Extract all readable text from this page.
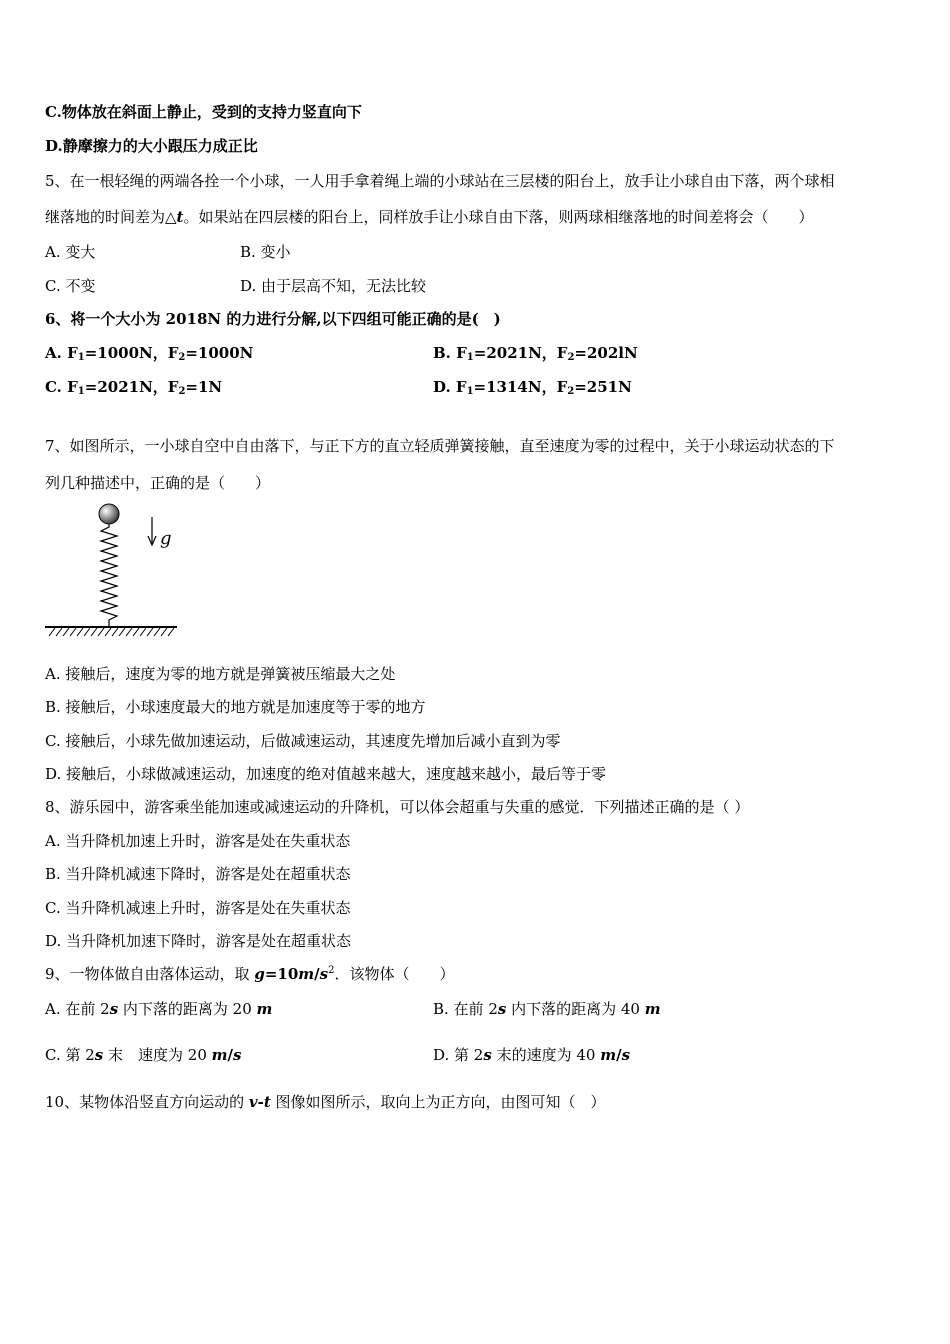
C.物体放在斜面上静止，受到的支持力竖直向下
D.静摩擦力的大小跟压力成正比
5、在一根轻绳的两端各拴一个小球，一人用手拿着绳上端的小球站在三层楼的阳台上，放手让小球自由下落，两个球相
继落地的时间差为△t。如果站在四层楼的阳台上，同样放手让小球自由下落，则两球相继落地的时间差将会（　　）
A. 变大	B. 变小
C. 不变	D. 由于层高不知，无法比较
6、将一个大小为 2018N 的力进行分解,以下四组可能正确的是(　)
A. $F_1=1000N$，$F_2=1000N$	B. $F_1=2021N$，$F_2=202lN$
C. $F_1=2021N$，$F_2=1N$	D. $F_1=1314N$，$F_2=251N$
7、如图所示，一小球自空中自由落下，与正下方的直立轻质弹簧接触，直至速度为零的过程中，关于小球运动状态的下
列几种描述中，正确的是（　　）
g
A. 接触后，速度为零的地方就是弹簧被压缩最大之处
B. 接触后，小球速度最大的地方就是加速度等于零的地方
C. 接触后，小球先做加速运动，后做减速运动，其速度先增加后减小直到为零
D. 接触后，小球做减速运动，加速度的绝对值越来越大，速度越来越小，最后等于零
8、游乐园中，游客乘坐能加速或减速运动的升降机，可以体会超重与失重的感觉．下列描述正确的是（ ）
A. 当升降机加速上升时，游客是处在失重状态
B. 当升降机减速下降时，游客是处在超重状态
C. 当升降机减速上升时，游客是处在失重状态
D. 当升降机加速下降时，游客是处在超重状态
9、一物体做自由落体运动，取 $g=10m/s^2$．该物体（　　）
A. 在前 2s 内下落的距离为 20 m	B. 在前 2s 内下落的距离为 40 m
C. 第 2s 末　速度为 20 m/s	D. 第 2s 末的速度为 40 m/s
10、某物体沿竖直方向运动的 v-t 图像如图所示，取向上为正方向，由图可知（　）
